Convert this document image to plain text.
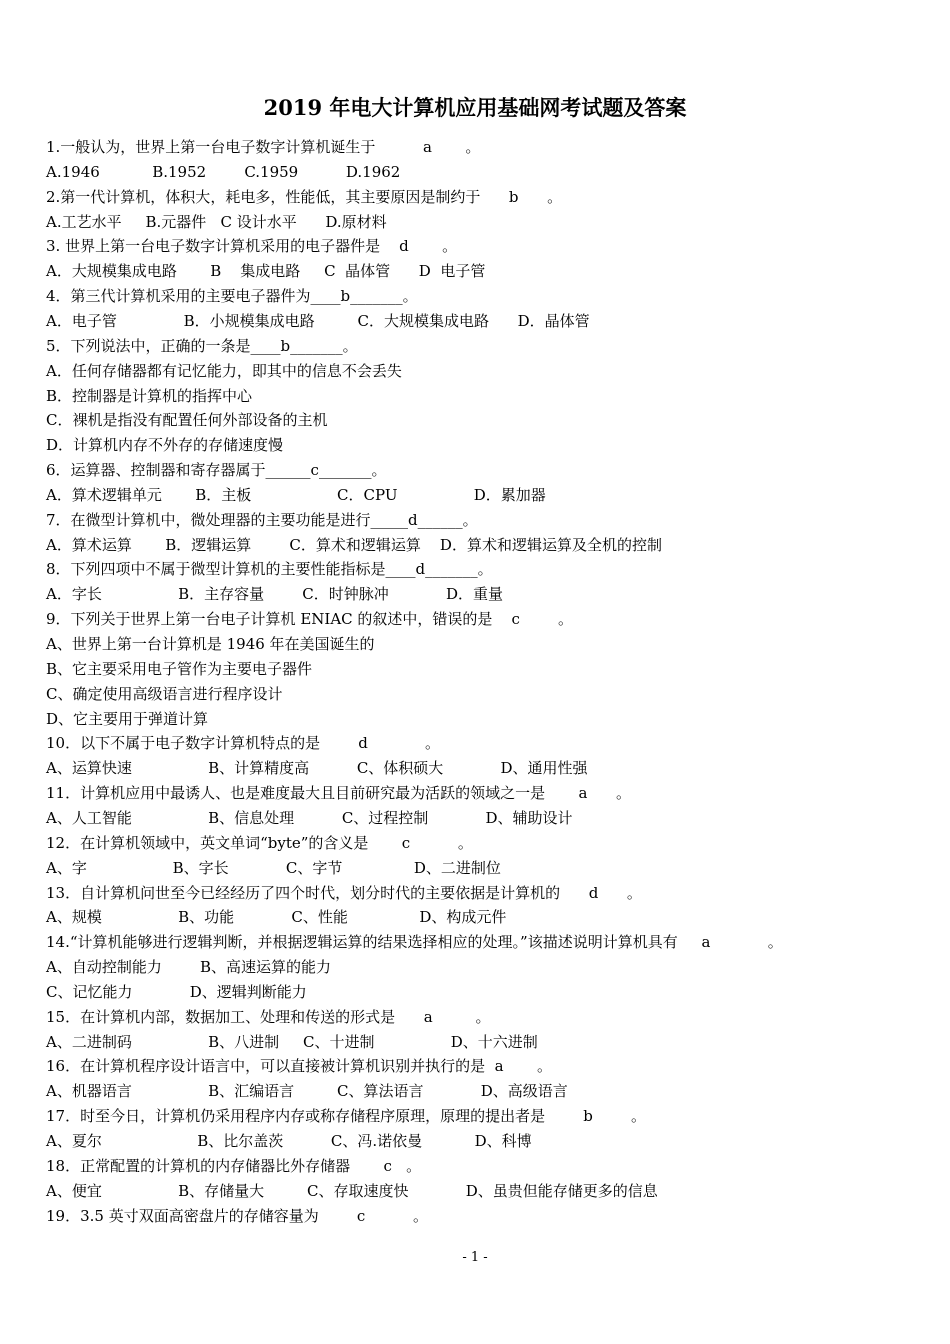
2019 年电大计算机应用基础网考试题及答案
1.一般认为，世界上第一台电子数字计算机诞生于          a       。
A.1946           B.1952        C.1959          D.1962
2.第一代计算机，体积大，耗电多，性能低，其主要原因是制约于      b      。
A.工艺水平     B.元器件   C 设计水平      D.原材料
3. 世界上第一台电子数字计算机采用的电子器件是    d       。
A．大规模集成电路       B    集成电路     C  晶体管      D  电子管
4．第三代计算机采用的主要电子器件为____b_______。
A．电子管              B．小规模集成电路         C．大规模集成电路      D．晶体管
5．下列说法中，正确的一条是____b_______。
A．任何存储器都有记忆能力，即其中的信息不会丢失
B．控制器是计算机的指挥中心
C．裸机是指没有配置任何外部设备的主机
D．计算机内存不外存的存储速度慢
6．运算器、控制器和寄存器属于______c_______。
A．算术逻辑单元       B．主板                  C．CPU                D．累加器
7．在微型计算机中，微处理器的主要功能是进行_____d______。
A．算术运算       B．逻辑运算        C．算术和逻辑运算    D．算术和逻辑运算及全机的控制
8．下列四项中不属于微型计算机的主要性能指标是____d_______。
A．字长                B．主存容量        C．时钟脉冲            D．重量
9．下列关于世界上第一台电子计算机 ENIAC 的叙述中，错误的是    c        。
A、世界上第一台计算机是 1946 年在美国诞生的
B、它主要采用电子管作为主要电子器件
C、确定使用高级语言进行程序设计
D、它主要用于弹道计算
10．以下不属于电子数字计算机特点的是        d            。
A、运算快速                B、计算精度高          C、体积硕大            D、通用性强
11．计算机应用中最诱人、也是难度最大且目前研究最为活跃的领域之一是       a      。
A、人工智能                B、信息处理          C、过程控制            D、辅助设计
12．在计算机领域中，英文单词“byte”的含义是       c          。
A、字                  B、字长            C、字节               D、二进制位
13．自计算机问世至今已经经历了四个时代，划分时代的主要依据是计算机的      d      。
A、规模                B、功能            C、性能               D、构成元件
14.“计算机能够进行逻辑判断，并根据逻辑运算的结果选择相应的处理。”该描述说明计算机具有     a            。
A、自动控制能力        B、高速运算的能力
C、记忆能力            D、逻辑判断能力
15．在计算机内部，数据加工、处理和传送的形式是      a         。
A、二进制码                B、八进制     C、十进制                D、十六进制
16．在计算机程序设计语言中，可以直接被计算机识别并执行的是  a       。
A、机器语言                B、汇编语言         C、算法语言            D、高级语言
17．时至今日，计算机仍采用程序内存或称存储程序原理，原理的提出者是        b        。
A、夏尔                    B、比尔盖茨          C、冯.诺依曼           D、科博
18．正常配置的计算机的内存储器比外存储器       c   。
A、便宜                B、存储量大         C、存取速度快            D、虽贵但能存储更多的信息
19．3.5 英寸双面高密盘片的存储容量为        c          。
- 1 -
